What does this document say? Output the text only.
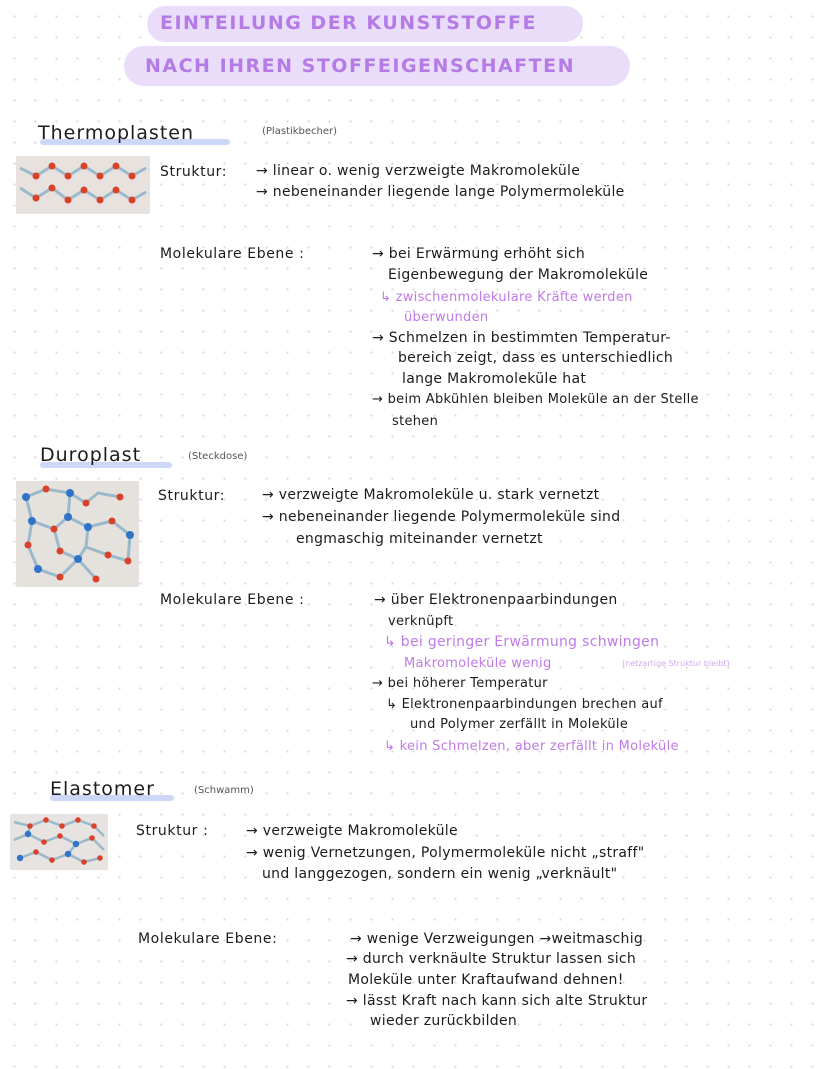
EINTEILUNG DER KUNSTSTOFFE
NACH IHREN STOFFEIGENSCHAFTEN
Thermoplasten	(Plastikbecher)
Struktur: → linear o. wenig verzweigte Makromoleküle
→ nebeneinander liegende lange Polymermoleküle
Molekulare Ebene :	→ bei Erwärmung erhöht sich
Eigenbewegung der Makromoleküle
↳ zwischenmolekulare Kräfte werden
überwunden
→ Schmelzen in bestimmten Temperatur-
bereich zeigt, dass es unterschiedlich
lange Makromoleküle hat
→ beim Abkühlen bleiben Moleküle an der Stelle
stehen
Duroplast	(Steckdose)
Struktur:	→ verzweigte Makromoleküle u. stark vernetzt
→ nebeneinander liegende Polymermoleküle sind
engmaschig miteinander vernetzt
Molekulare Ebene :	→ über Elektronenpaarbindungen
verknüpft
↳ bei geringer Erwärmung schwingen
Makromoleküle wenig	(netzartige Struktur bleibt)
→ bei höherer Temperatur
↳ Elektronenpaarbindungen brechen auf
und Polymer zerfällt in Moleküle
↳ kein Schmelzen, aber zerfällt in Moleküle
Elastomer	(Schwamm)
Struktur :	→ verzweigte Makromoleküle
→ wenig Vernetzungen, Polymermoleküle nicht „straff"
und langgezogen, sondern ein wenig „verknäult"
Molekulare Ebene:	→ wenige Verzweigungen →weitmaschig
→ durch verknäulte Struktur lassen sich
Moleküle unter Kraftaufwand dehnen!
→ lässt Kraft nach kann sich alte Struktur
wieder zurückbilden
